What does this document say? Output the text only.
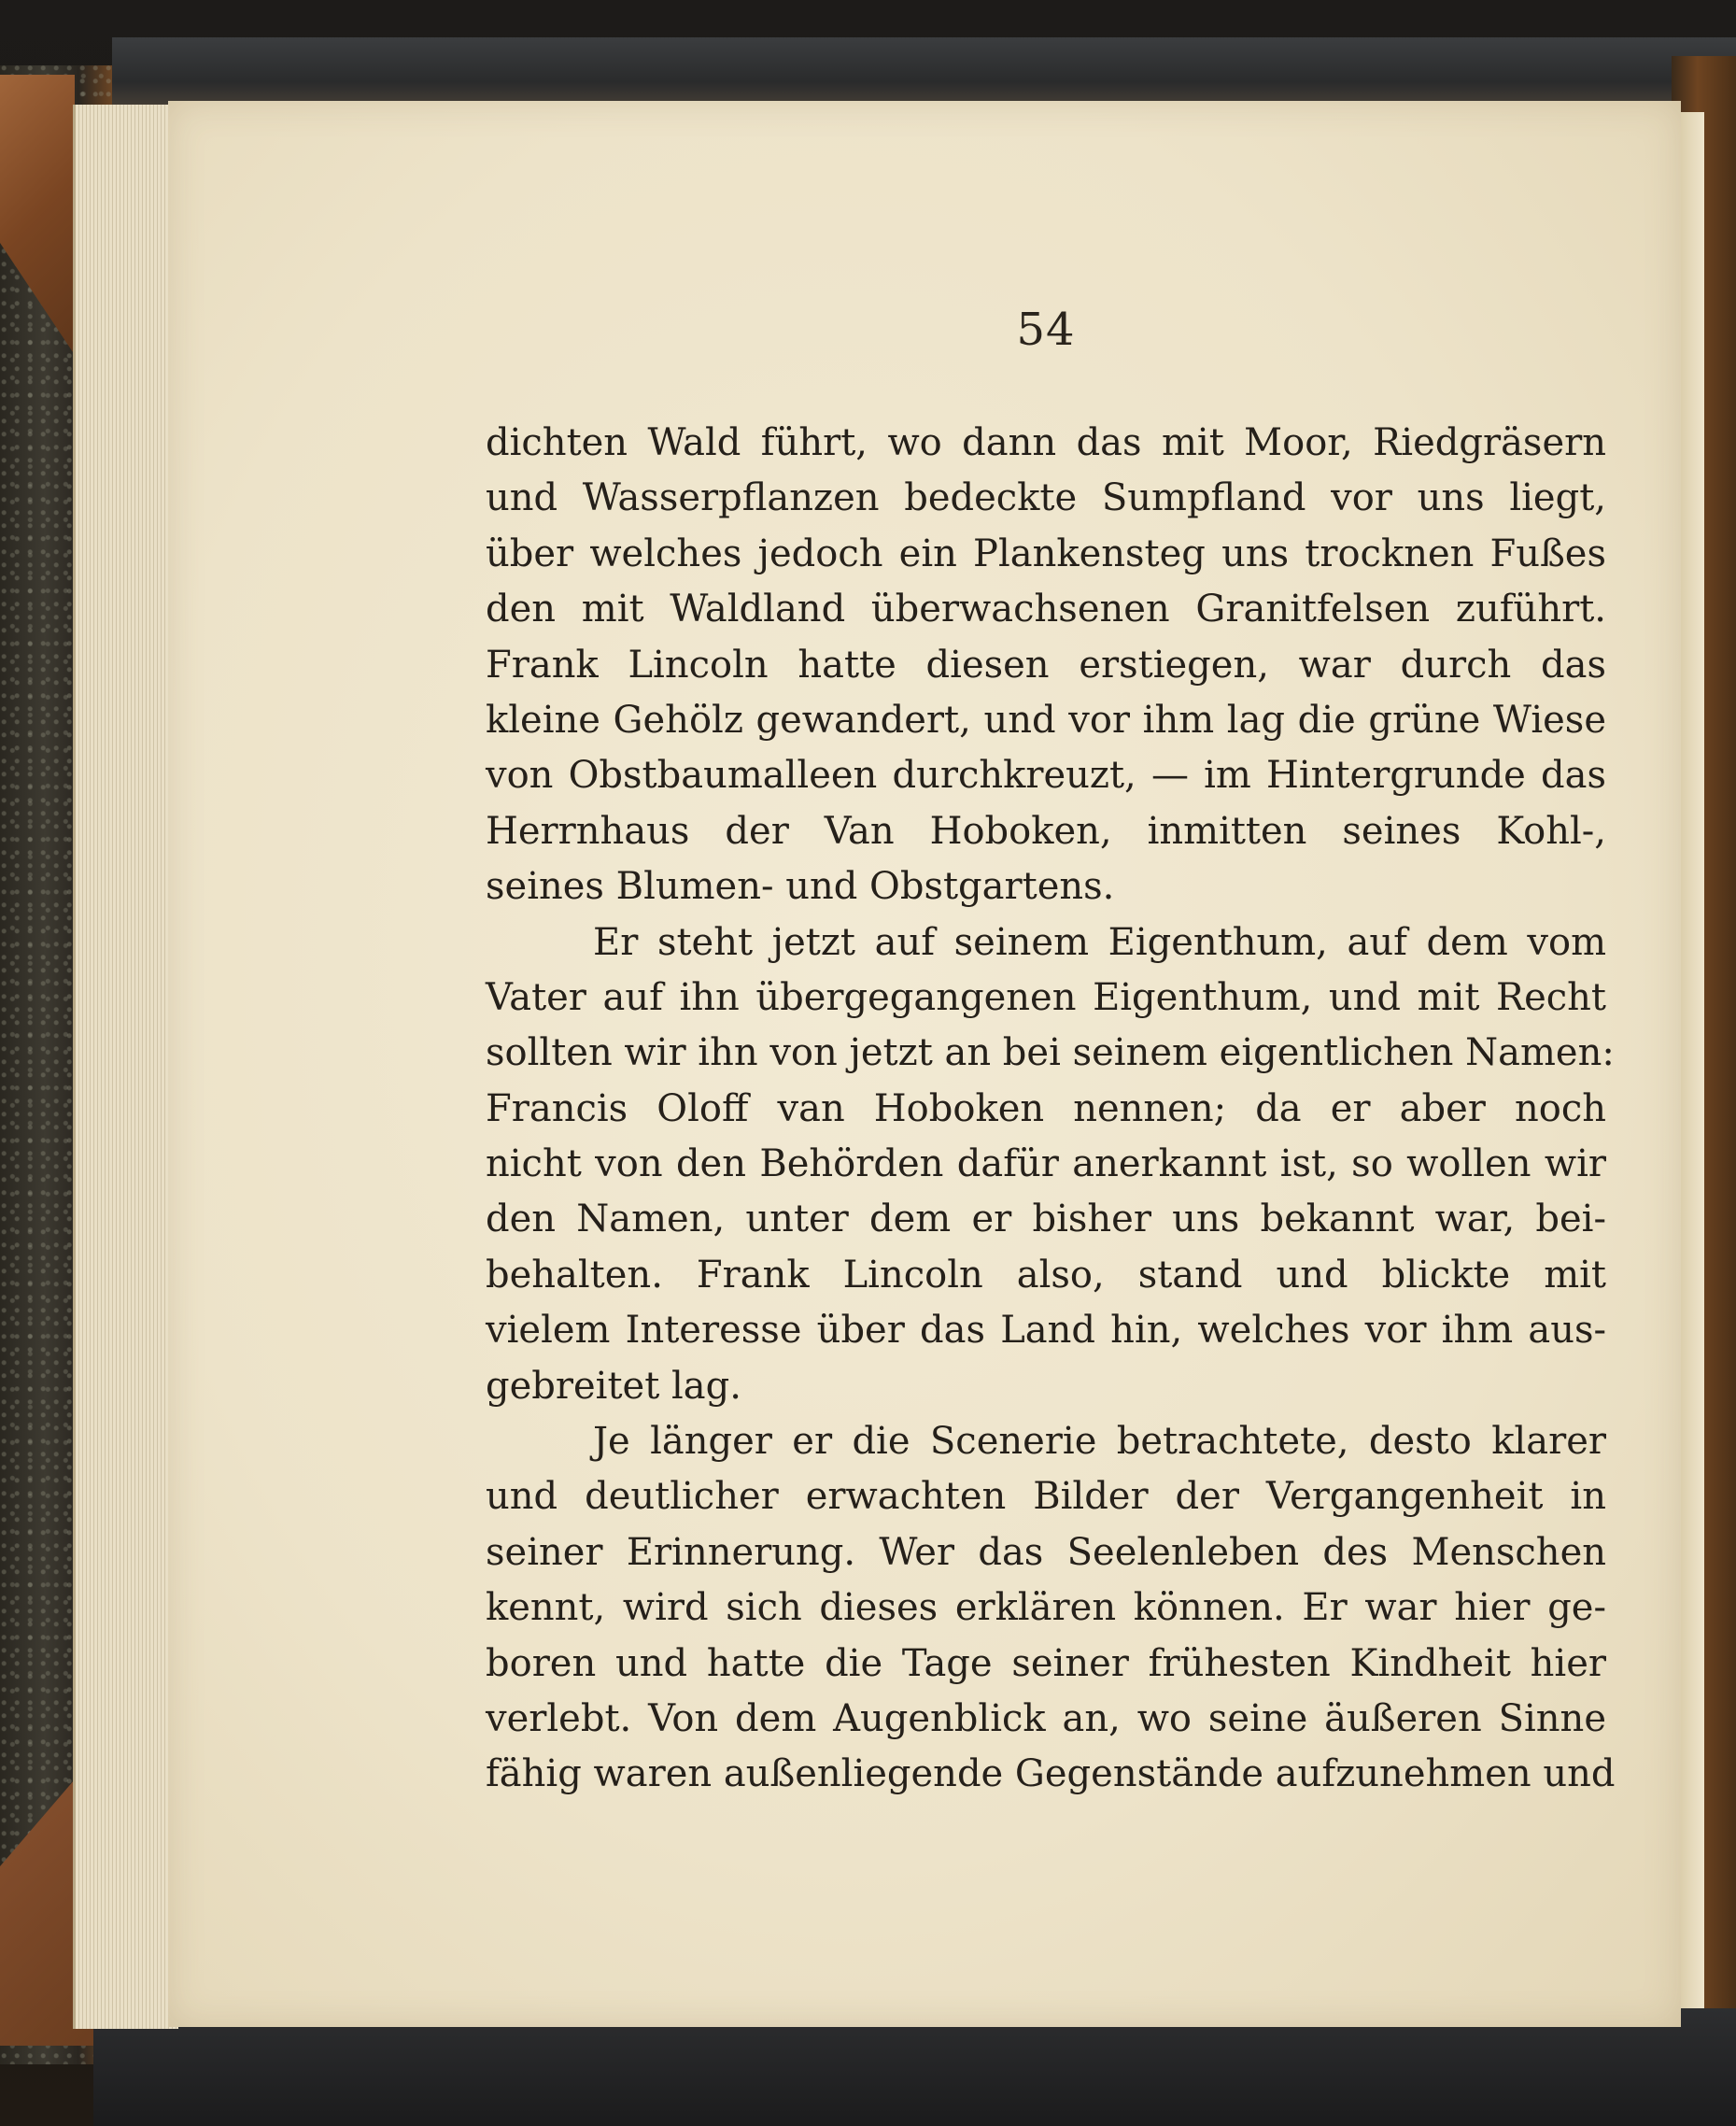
54
dichten Wald führt, wo dann das mit Moor, Riedgräsern
und Wasserpflanzen bedeckte Sumpfland vor uns liegt,
über welches jedoch ein Plankensteg uns trocknen Fußes
den mit Waldland überwachsenen Granitfelsen zuführt.
Frank Lincoln hatte diesen erstiegen, war durch das
kleine Gehölz gewandert, und vor ihm lag die grüne Wiese
von Obstbaumalleen durchkreuzt, — im Hintergrunde das
Herrnhaus der Van Hoboken, inmitten seines Kohl-,
seines Blumen- und Obstgartens.
Er steht jetzt auf seinem Eigenthum, auf dem vom
Vater auf ihn übergegangenen Eigenthum, und mit Recht
sollten wir ihn von jetzt an bei seinem eigentlichen Namen:
Francis Oloff van Hoboken nennen; da er aber noch
nicht von den Behörden dafür anerkannt ist, so wollen wir
den Namen, unter dem er bisher uns bekannt war, bei-
behalten. Frank Lincoln also, stand und blickte mit
vielem Interesse über das Land hin, welches vor ihm aus-
gebreitet lag.
Je länger er die Scenerie betrachtete, desto klarer
und deutlicher erwachten Bilder der Vergangenheit in
seiner Erinnerung. Wer das Seelenleben des Menschen
kennt, wird sich dieses erklären können. Er war hier ge-
boren und hatte die Tage seiner frühesten Kindheit hier
verlebt. Von dem Augenblick an, wo seine äußeren Sinne
fähig waren außenliegende Gegenstände aufzunehmen und
